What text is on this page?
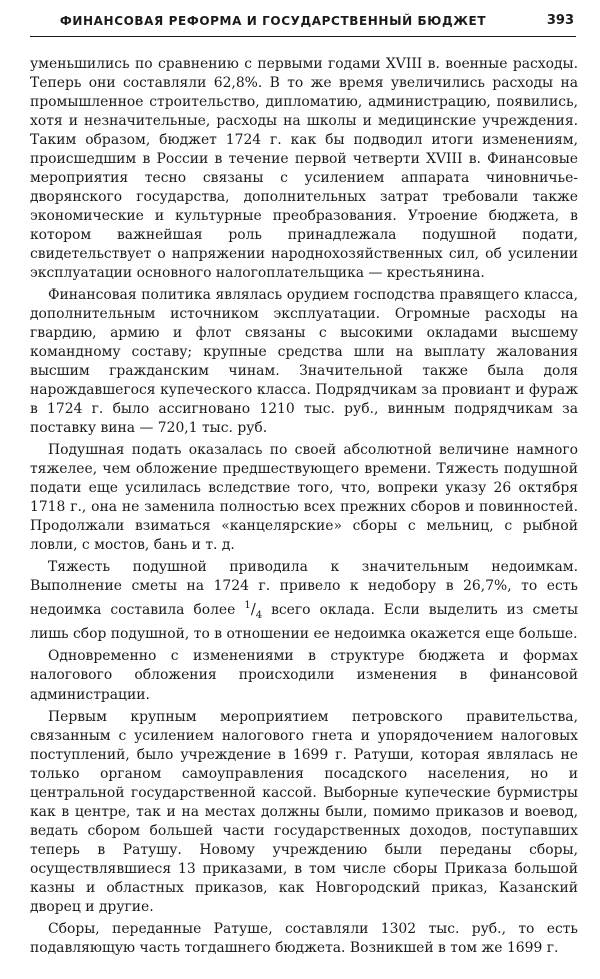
ФИНАНСОВАЯ РЕФОРМА И ГОСУДАРСТВЕННЫЙ БЮДЖЕТ	393

уменьшились по сравнению с первыми годами XVIII в. военные расходы. Теперь они составляли 62,8%. В то же время увеличились расходы на промышленное строительство, дипломатию, администрацию, появились, хотя и незначительные, расходы на школы и медицинские учреждения. Таким образом, бюджет 1724 г. как бы подводил итоги изменениям, происшедшим в России в течение первой четверти XVIII в. Финансовые мероприятия тесно связаны с усилением аппарата чиновничье-дворянского государства, дополнительных затрат требовали также экономические и культурные преобразования. Утроение бюджета, в котором важнейшая роль принадлежала подушной подати, свидетельствует о напряжении народнохозяйственных сил, об усилении эксплуатации основного налогоплательщика — крестьянина.

Финансовая политика являлась орудием господства правящего класса, дополнительным источником эксплуатации. Огромные расходы на гвардию, армию и флот связаны с высокими окладами высшему командному составу; крупные средства шли на выплату жалования высшим гражданским чинам. Значительной также была доля нарождавшегося купеческого класса. Подрядчикам за провиант и фураж в 1724 г. было ассигновано 1210 тыс. руб., винным подрядчикам за поставку вина — 720,1 тыс. руб.

Подушная подать оказалась по своей абсолютной величине намного тяжелее, чем обложение предшествующего времени. Тяжесть подушной подати еще усилилась вследствие того, что, вопреки указу 26 октября 1718 г., она не заменила полностью всех прежних сборов и повинностей. Продолжали взиматься «канцелярские» сборы с мельниц, с рыбной ловли, с мостов, бань и т. д.

Тяжесть подушной приводила к значительным недоимкам. Выполнение сметы на 1724 г. привело к недобору в 26,7%, то есть недоимка составила более $^1/_4$ всего оклада. Если выделить из сметы лишь сбор подушной, то в отношении ее недоимка окажется еще больше.

Одновременно с изменениями в структуре бюджета и формах налогового обложения происходили изменения в финансовой администрации.

Первым крупным мероприятием петровского правительства, связанным с усилением налогового гнета и упорядочением налоговых поступлений, было учреждение в 1699 г. Ратуши, которая являлась не только органом самоуправления посадского населения, но и центральной государственной кассой. Выборные купеческие бурмистры как в центре, так и на местах должны были, помимо приказов и воевод, ведать сбором большей части государственных доходов, поступавших теперь в Ратушу. Новому учреждению были переданы сборы, осуществлявшиеся 13 приказами, в том числе сборы Приказа большой казны и областных приказов, как Новгородский приказ, Казанский дворец и другие.

Сборы, переданные Ратуше, составляли 1302 тыс. руб., то есть подавляющую часть тогдашнего бюджета. Возникшей в том же 1699 г.
